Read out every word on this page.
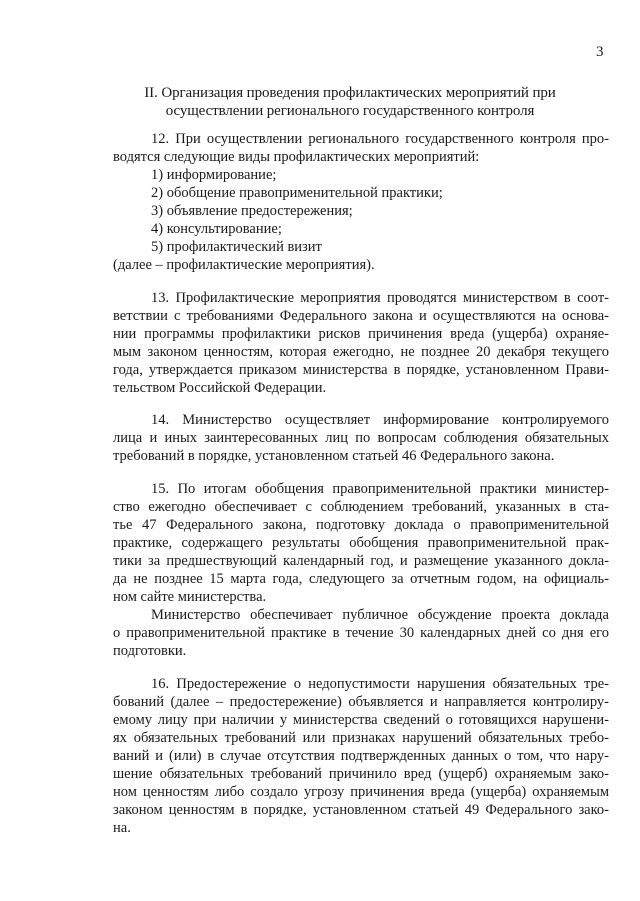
3
II. Организация проведения профилактических мероприятий при
осуществлении регионального государственного контроля
12. При осуществлении регионального государственного контроля про-
водятся следующие виды профилактических мероприятий:
1) информирование;
2) обобщение правоприменительной практики;
3) объявление предостережения;
4) консультирование;
5) профилактический визит
(далее – профилактические мероприятия).
13. Профилактические мероприятия проводятся министерством в соот-
ветствии с требованиями Федерального закона и осуществляются на основа-
нии программы профилактики рисков причинения вреда (ущерба) охраняе-
мым законом ценностям, которая ежегодно, не позднее 20 декабря текущего
года, утверждается приказом министерства в порядке, установленном Прави-
тельством Российской Федерации.
14. Министерство осуществляет информирование контролируемого
лица и иных заинтересованных лиц по вопросам соблюдения обязательных
требований в порядке, установленном статьей 46 Федерального закона.
15. По итогам обобщения правоприменительной практики министер-
ство ежегодно обеспечивает с соблюдением требований, указанных в ста-
тье 47 Федерального закона, подготовку доклада о правоприменительной
практике, содержащего результаты обобщения правоприменительной прак-
тики за предшествующий календарный год, и размещение указанного докла-
да не позднее 15 марта года, следующего за отчетным годом, на официаль-
ном сайте министерства.
Министерство обеспечивает публичное обсуждение проекта доклада
о правоприменительной практике в течение 30 календарных дней со дня его
подготовки.
16. Предостережение о недопустимости нарушения обязательных тре-
бований (далее – предостережение) объявляется и направляется контролиру-
емому лицу при наличии у министерства сведений о готовящихся нарушени-
ях обязательных требований или признаках нарушений обязательных требо-
ваний и (или) в случае отсутствия подтвержденных данных о том, что нару-
шение обязательных требований причинило вред (ущерб) охраняемым зако-
ном ценностям либо создало угрозу причинения вреда (ущерба) охраняемым
законом ценностям в порядке, установленном статьей 49 Федерального зако-
на.
